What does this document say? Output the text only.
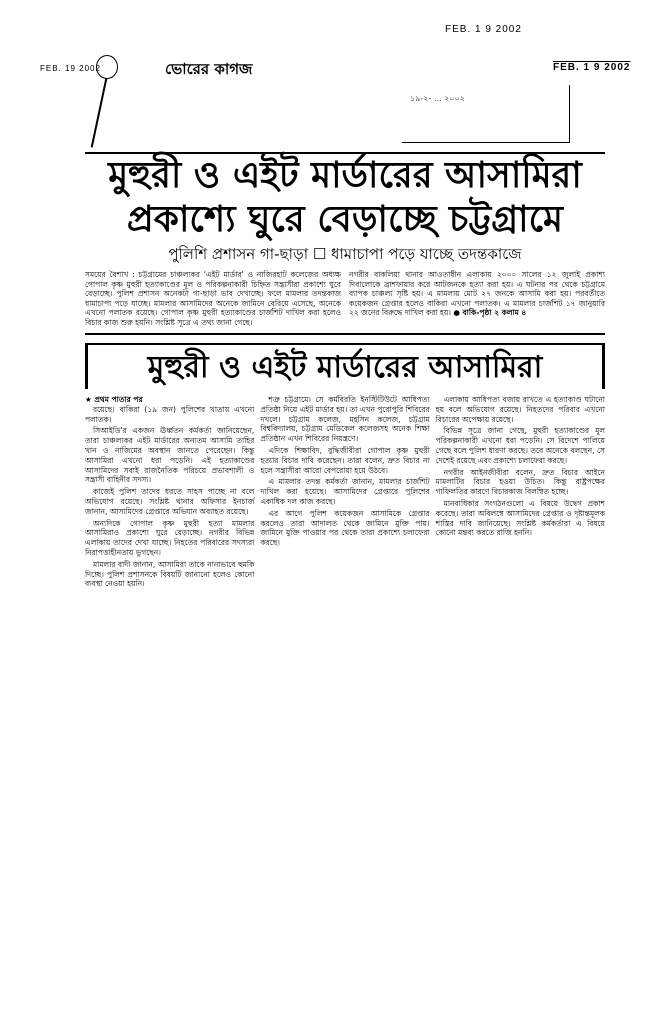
FEB. 1 9 2002
FEB. 1 9 2002
FEB. 19 2002	ভোরের কাগজ
১৯-২- ... ২০০২
মুহুরী ও এইট মার্ডারের আসামিরা
প্রকাশ্যে ঘুরে বেড়াচ্ছে চট্টগ্রামে
পুলিশি প্রশাসন গা-ছাড়া ☐ ধামাচাপা পড়ে যাচ্ছে তদন্তকাজে
সময়ের বৈশাখ : চট্টগ্রামের চাঞ্চল্যকর 'এইট মার্ডার' ও নাজিরহাট কলেজের অধ্যক্ষ গোপাল কৃষ্ণ মুহুরী হত্যাকাণ্ডের মূল ও পরিকল্পনাকারী চিহ্নিত সন্ত্রাসীরা প্রকাশ্যে ঘুরে বেড়াচ্ছে। পুলিশ প্রশাসন অনেকটা গা-ছাড়া ভাব দেখাচ্ছে। ফলে মামলার তদন্তকাজ ধামাচাপা পড়ে যাচ্ছে। মামলার আসামিদের অনেকে জামিনে বেরিয়ে এসেছে, অনেকে এখনো পলাতক রয়েছে। গোপাল কৃষ্ণ মুহুরী হত্যাকাণ্ডের চার্জশিট দাখিল করা হলেও বিচার কাজ শুরু হয়নি। সংশ্লিষ্ট সূত্রে এ তথ্য জানা গেছে।
নগরীর বাকলিয়া থানার আওতাধীন এলাকায় ২০০০ সালের ১২ জুলাই প্রকাশ্য দিবালোকে ব্রাশফায়ার করে আটজনকে হত্যা করা হয়। এ ঘটনার পর থেকে চট্টগ্রামে ব্যাপক চাঞ্চল্য সৃষ্টি হয়। এ মামলায় মোট ২৭ জনকে আসামি করা হয়। পরবর্তীতে কয়েকজন গ্রেপ্তার হলেও বাকিরা এখনো পলাতক। এ মামলার চার্জশিট ১৭ জানুয়ারি ২২ জনের বিরুদ্ধে দাখিল করা হয়। ● বাকি-পৃষ্ঠা ২ কলাম ৪
মুহুরী ও এইট মার্ডারের আসামিরা
★ প্রথম পাতার পর

রয়েছে। বাকিরা (১৯ জন) পুলিশের খাতায় এখনো পলাতক।

সিআইডি'র একজন ঊর্ধ্বতন কর্মকর্তা জানিয়েছেন, তারা চাঞ্চল্যকর এইট মার্ডারের অন্যতম আসামি তাহির খান ও নাজিমের অবস্থান জানতে পেরেছেন। কিন্তু আসামিরা এখনো ধরা পড়েনি। এই হত্যাকাণ্ডের আসামিদের সবাই রাজনৈতিক পরিচয়ে প্রভাবশালী ও সন্ত্রাসী বাহিনীর সদস্য।

কাজেই পুলিশ তাদের ধরতে সাহস পাচ্ছে না বলে অভিযোগ রয়েছে। সংশ্লিষ্ট থানার অফিসার ইনচার্জ জানান, আসামিদের গ্রেপ্তারে অভিযান অব্যাহত রয়েছে।

অন্যদিকে গোপাল কৃষ্ণ মুহুরী হত্যা মামলার আসামিরাও প্রকাশ্যে ঘুরে বেড়াচ্ছে। নগরীর বিভিন্ন এলাকায় তাদের দেখা যাচ্ছে। নিহতের পরিবারের সদস্যরা নিরাপত্তাহীনতায় ভুগছেন।

মামলার বাদী জানান, আসামিরা তাকে নানাভাবে হুমকি দিচ্ছে। পুলিশ প্রশাসনকে বিষয়টি জানানো হলেও কোনো ব্যবস্থা নেওয়া হয়নি।

শত্রু চট্টগ্রামে। সে কর্মবিরতি ইনস্টিটিউটে আধিপত্য প্রতিষ্ঠা নিয়ে এইট মার্ডার হয়। তা এখন পুরোপুরি শিবিরের দখলে। চট্টগ্রাম কলেজ, মহসিন কলেজ, চট্টগ্রাম বিশ্ববিদ্যালয়, চট্টগ্রাম মেডিকেল কলেজসহ অনেক শিক্ষা প্রতিষ্ঠান এখন শিবিরের নিয়ন্ত্রণে।

এদিকে শিক্ষাবিদ, বুদ্ধিজীবীরা গোপাল কৃষ্ণ মুহুরী হত্যার বিচার দাবি করেছেন। তারা বলেন, দ্রুত বিচার না হলে সন্ত্রাসীরা আরো বেপরোয়া হয়ে উঠবে।

এ মামলার তদন্ত কর্মকর্তা জানান, মামলার চার্জশিট দাখিল করা হয়েছে। আসামিদের গ্রেপ্তারে পুলিশের একাধিক দল কাজ করছে।

এর আগে পুলিশ কয়েকজন আসামিকে গ্রেপ্তার করলেও তারা আদালত থেকে জামিনে মুক্তি পায়। জামিনে মুক্তি পাওয়ার পর থেকে তারা প্রকাশ্যে চলাফেরা করছে।

এলাকায় আধিপত্য বজায় রাখতে এ হত্যাকাণ্ড ঘটানো হয় বলে অভিযোগ রয়েছে। নিহতদের পরিবার এখনো বিচারের অপেক্ষায় রয়েছে।

বিভিন্ন সূত্রে জানা গেছে, মুহুরী হত্যাকাণ্ডের মূল পরিকল্পনাকারী এখনো ধরা পড়েনি। সে বিদেশে পালিয়ে গেছে বলে পুলিশ ধারণা করছে। তবে অনেকে বলছেন, সে দেশেই রয়েছে এবং প্রকাশ্যে চলাফেরা করছে।

নগরীর আইনজীবীরা বলেন, দ্রুত বিচার আইনে মামলাটির বিচার হওয়া উচিত। কিন্তু রাষ্ট্রপক্ষের গাফিলতির কারণে বিচারকাজ বিলম্বিত হচ্ছে।

মানবাধিকার সংগঠনগুলো এ বিষয়ে উদ্বেগ প্রকাশ করেছে। তারা অবিলম্বে আসামিদের গ্রেপ্তার ও দৃষ্টান্তমূলক শাস্তির দাবি জানিয়েছে। সংশ্লিষ্ট কর্মকর্তারা এ বিষয়ে কোনো মন্তব্য করতে রাজি হননি।
